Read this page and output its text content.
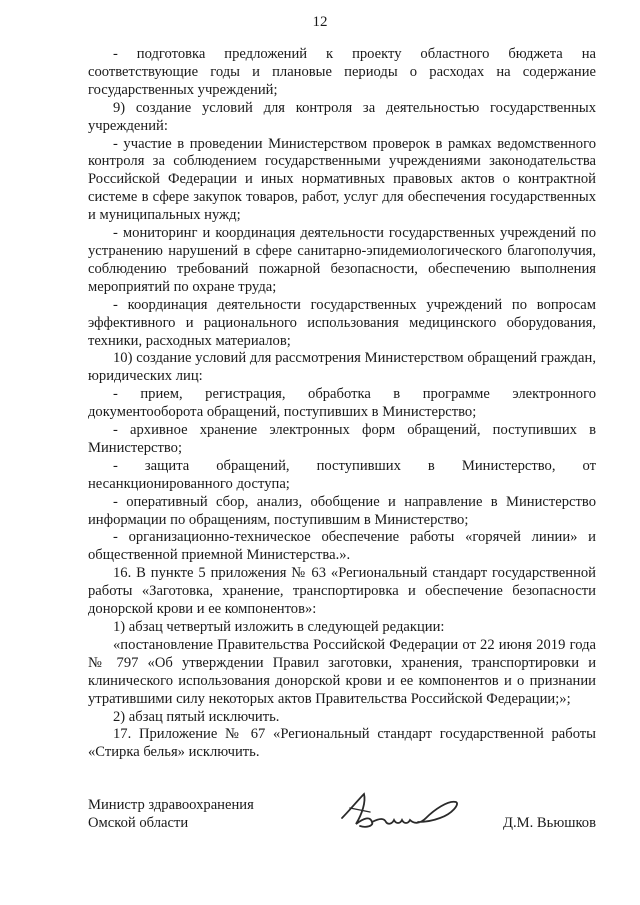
12

- подготовка предложений к проекту областного бюджета на соответствующие годы и плановые периоды о расходах на содержание государственных учреждений;

9) создание условий для контроля за деятельностью государственных учреждений:

- участие в проведении Министерством проверок в рамках ведомственного контроля за соблюдением государственными учреждениями законодательства Российской Федерации и иных нормативных правовых актов о контрактной системе в сфере закупок товаров, работ, услуг для обеспечения государственных и муниципальных нужд;

- мониторинг и координация деятельности государственных учреждений по устранению нарушений в сфере санитарно-эпидемиологического благополучия, соблюдению требований пожарной безопасности, обеспечению выполнения мероприятий по охране труда;

- координация деятельности государственных учреждений по вопросам эффективного и рационального использования медицинского оборудования, техники, расходных материалов;

10) создание условий для рассмотрения Министерством обращений граждан, юридических лиц:

- прием, регистрация, обработка в программе электронного документооборота обращений, поступивших в Министерство;

- архивное хранение электронных форм обращений, поступивших в Министерство;

- защита обращений, поступивших в Министерство, от несанкционированного доступа;

- оперативный сбор, анализ, обобщение и направление в Министерство информации по обращениям, поступившим в Министерство;

- организационно-техническое обеспечение работы «горячей линии» и общественной приемной Министерства.».

16. В пункте 5 приложения № 63 «Региональный стандарт государственной работы «Заготовка, хранение, транспортировка и обеспечение безопасности донорской крови и ее компонентов»:

1) абзац четвертый изложить в следующей редакции:

«постановление Правительства Российской Федерации от 22 июня 2019 года № 797 «Об утверждении Правил заготовки, хранения, транспортировки и клинического использования донорской крови и ее компонентов и о признании утратившими силу некоторых актов Правительства Российской Федерации;»;

2) абзац пятый исключить.

17. Приложение № 67 «Региональный стандарт государственной работы «Стирка белья» исключить.

Министр здравоохранения
Омской области	Д.М. Вьюшков
